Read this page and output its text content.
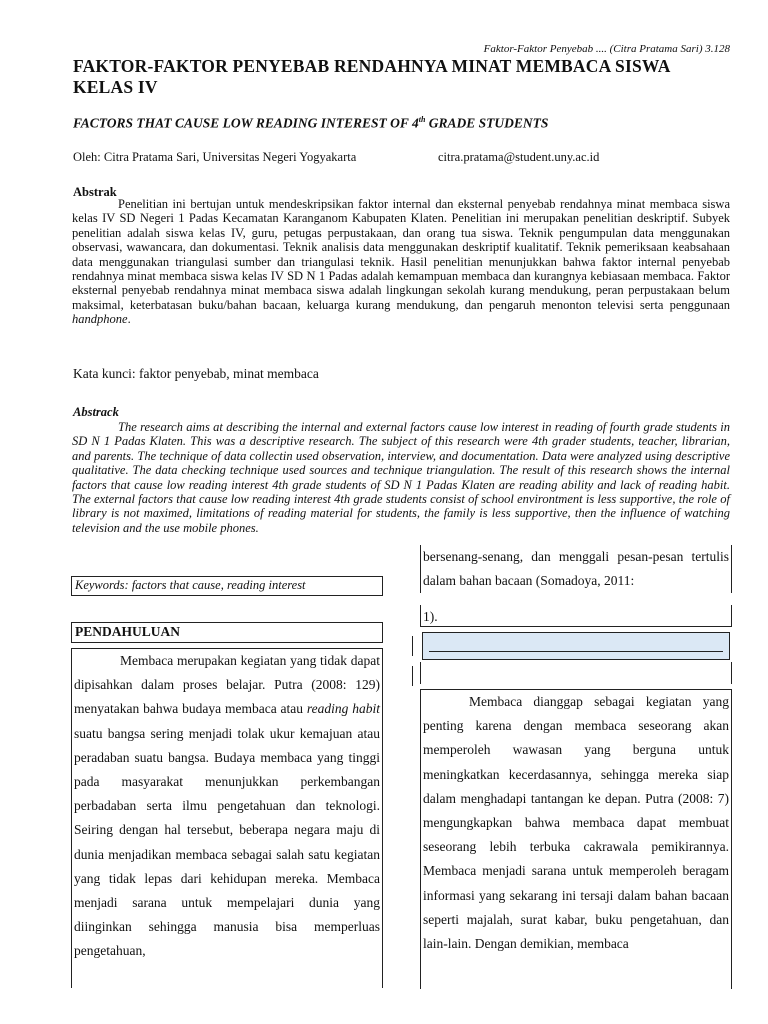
Faktor-Faktor Penyebab .... (Citra Pratama Sari) 3.128
FAKTOR-FAKTOR PENYEBAB RENDAHNYA MINAT MEMBACA SISWA KELAS IV
FACTORS THAT CAUSE LOW READING INTEREST OF 4th GRADE STUDENTS
Oleh: Citra Pratama Sari, Universitas Negeri Yogyakarta	citra.pratama@student.uny.ac.id
Abstrak

Penelitian ini bertujan untuk mendeskripsikan faktor internal dan eksternal penyebab rendahnya minat membaca siswa kelas IV SD Negeri 1 Padas Kecamatan Karanganom Kabupaten Klaten. Penelitian ini merupakan penelitian deskriptif. Subyek penelitian adalah siswa kelas IV, guru, petugas perpustakaan, dan orang tua siswa. Teknik pengumpulan data menggunakan observasi, wawancara, dan dokumentasi. Teknik analisis data menggunakan deskriptif kualitatif. Teknik pemeriksaan keabsahaan data menggunakan triangulasi sumber dan triangulasi teknik. Hasil penelitian menunjukkan bahwa faktor internal penyebab rendahnya minat membaca siswa kelas IV SD N 1 Padas adalah kemampuan membaca dan kurangnya kebiasaan membaca. Faktor eksternal penyebab rendahnya minat membaca siswa adalah lingkungan sekolah kurang mendukung, peran perpustakaan belum maksimal, keterbatasan buku/bahan bacaan, keluarga kurang mendukung, dan pengaruh menonton televisi serta penggunaan handphone.

Kata kunci: faktor penyebab, minat membaca
Abstrack

The research aims at describing the internal and external factors cause low interest in reading of fourth grade students in SD N 1 Padas Klaten. This was a descriptive research. The subject of this research were 4th grader students, teacher, librarian, and parents. The technique of data collectin used observation, interview, and documentation. Data were analyzed using descriptive qualitative. The data checking technique used sources and technique triangulation. The result of this research shows the internal factors that cause low reading interest 4th grade students of SD N 1 Padas Klaten are reading ability and lack of reading habit. The external factors that cause low reading interest 4th grade students consist of school environtment is less supportive, the role of library is not maximed, limitations of reading material for students, the family is less supportive, then the influence of watching television and the use mobile phones.

Keywords: factors that cause, reading interest
PENDAHULUAN

Membaca merupakan kegiatan yang tidak dapat dipisahkan dalam proses belajar. Putra (2008: 129) menyatakan bahwa budaya membaca atau reading habit suatu bangsa sering menjadi tolak ukur kemajuan atau peradaban suatu bangsa. Budaya membaca yang tinggi pada masyarakat menunjukkan perkembangan perbadaban serta ilmu pengetahuan dan teknologi. Seiring dengan hal tersebut, beberapa negara maju di dunia menjadikan membaca sebagai salah satu kegiatan yang tidak lepas dari kehidupan mereka. Membaca menjadi sarana untuk mempelajari dunia yang diinginkan sehingga manusia bisa memperluas pengetahuan,

bersenang-senang, dan menggali pesan-pesan tertulis dalam bahan bacaan (Somadoya, 2011:

1).

Membaca dianggap sebagai kegiatan yang penting karena dengan membaca seseorang akan memperoleh wawasan yang berguna untuk meningkatkan kecerdasannya, sehingga mereka siap dalam menghadapi tantangan ke depan. Putra (2008: 7) mengungkapkan bahwa membaca dapat membuat seseorang lebih terbuka cakrawala pemikirannya. Membaca menjadi sarana untuk memperoleh beragam informasi yang sekarang ini tersaji dalam bahan bacaan seperti majalah, surat kabar, buku pengetahuan, dan lain-lain. Dengan demikian, membaca
